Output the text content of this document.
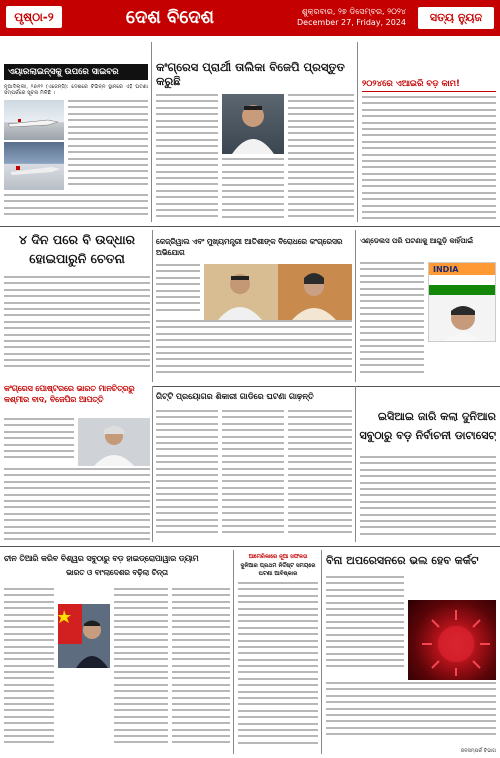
ପୃଷ୍ଠା-୨	ଦେଶ ବିଦେଶ	ଶୁକ୍ରବାର, ୨୭ ଡିସେମ୍ବର, ୨୦୨୪
December 27, Friday, 2024	ସତ୍ୟ ନ୍ୟୁଜ
ଏୟାରଲାଇନ୍ସକୁ ଉପରେ ସାଇବର
ନୂଆଦିଲ୍ଲୀ, ୨୬ା୧୨ (ଏଜେନ୍ସି): ଦେଶରେ ବିଭିନ୍ନ ସ୍ଥାନରେ ଏହି ଘଟଣା ସମ୍ପର୍କରେ ସୂଚନା ମିଳିଛି ।
କଂଗ୍ରେସ ପ୍ରାର୍ଥୀ ତାଲିକା ବିଜେପି ପ୍ରସ୍ତୁତ କରୁଛି	୨୦୨୪ରେ ଏଆଇରି ବଡ଼ କାମ!
୪ ଦିନ ପରେ ବି ଉଦ୍ଧାର
ହୋଇପାରୁନି ଚେତନା
କେଜ୍ରିୱାଲ ଏବଂ ମୁଖ୍ୟମନ୍ତ୍ରୀ ଆତିଶୀଙ୍କ ବିରୋଧରେ କଂଗ୍ରେସର ଅଭିଯୋଗ
ଏଣ୍ଡେଲସ ପରି ଘଟଣାକୁ ଆଗୁଡ଼ି କାହିଁପାଇଁ
INDIA
କଂଗ୍ରେସ ପୋଷ୍ଟରରେ ଭାରତ ମାନଚିତ୍ରରୁ କଶ୍ମୀର ବାଦ, ବିଜେପିର ଆପତ୍ତି	ଗିଟ୍ଟି ପ୍ରୟୋଗର ଶିକାରୀ ଗାଡିରେ ଘଟଣା ଗାଢ଼ନ୍ତି
ଇସିଆଇ ଜାରି କଲା ଦୁନିଆର
ସବୁଠାରୁ ବଡ଼ ନିର୍ବାଚନୀ ଡାଟାସେଟ୍
ଚୀନ ତିଆରି କରିବ ବିଶ୍ୱର ସବୁଠାରୁ ବଡ଼ ହାଇଡ୍ରୋପାୱାର ଡ୍ୟାମ
ଭାରତ ଓ ବାଂଲାଦେଶର ବଢ଼ିଲା ଚିନ୍ତା
ଆମେରିକାରେ ନୂଆ ସଫଳତା
ଦୁନିଆର ପ୍ରଥମ ନିର୍ଦ୍ଦିଷ୍ଟ ସମୟରେ ଘଟଣା ଆବିଷ୍କାର
ବିନା ଅପରେସନରେ ଭଲ ହେବ କର୍କଟ
ଜନସମ୍ପର୍କ ବିଭାଗ
